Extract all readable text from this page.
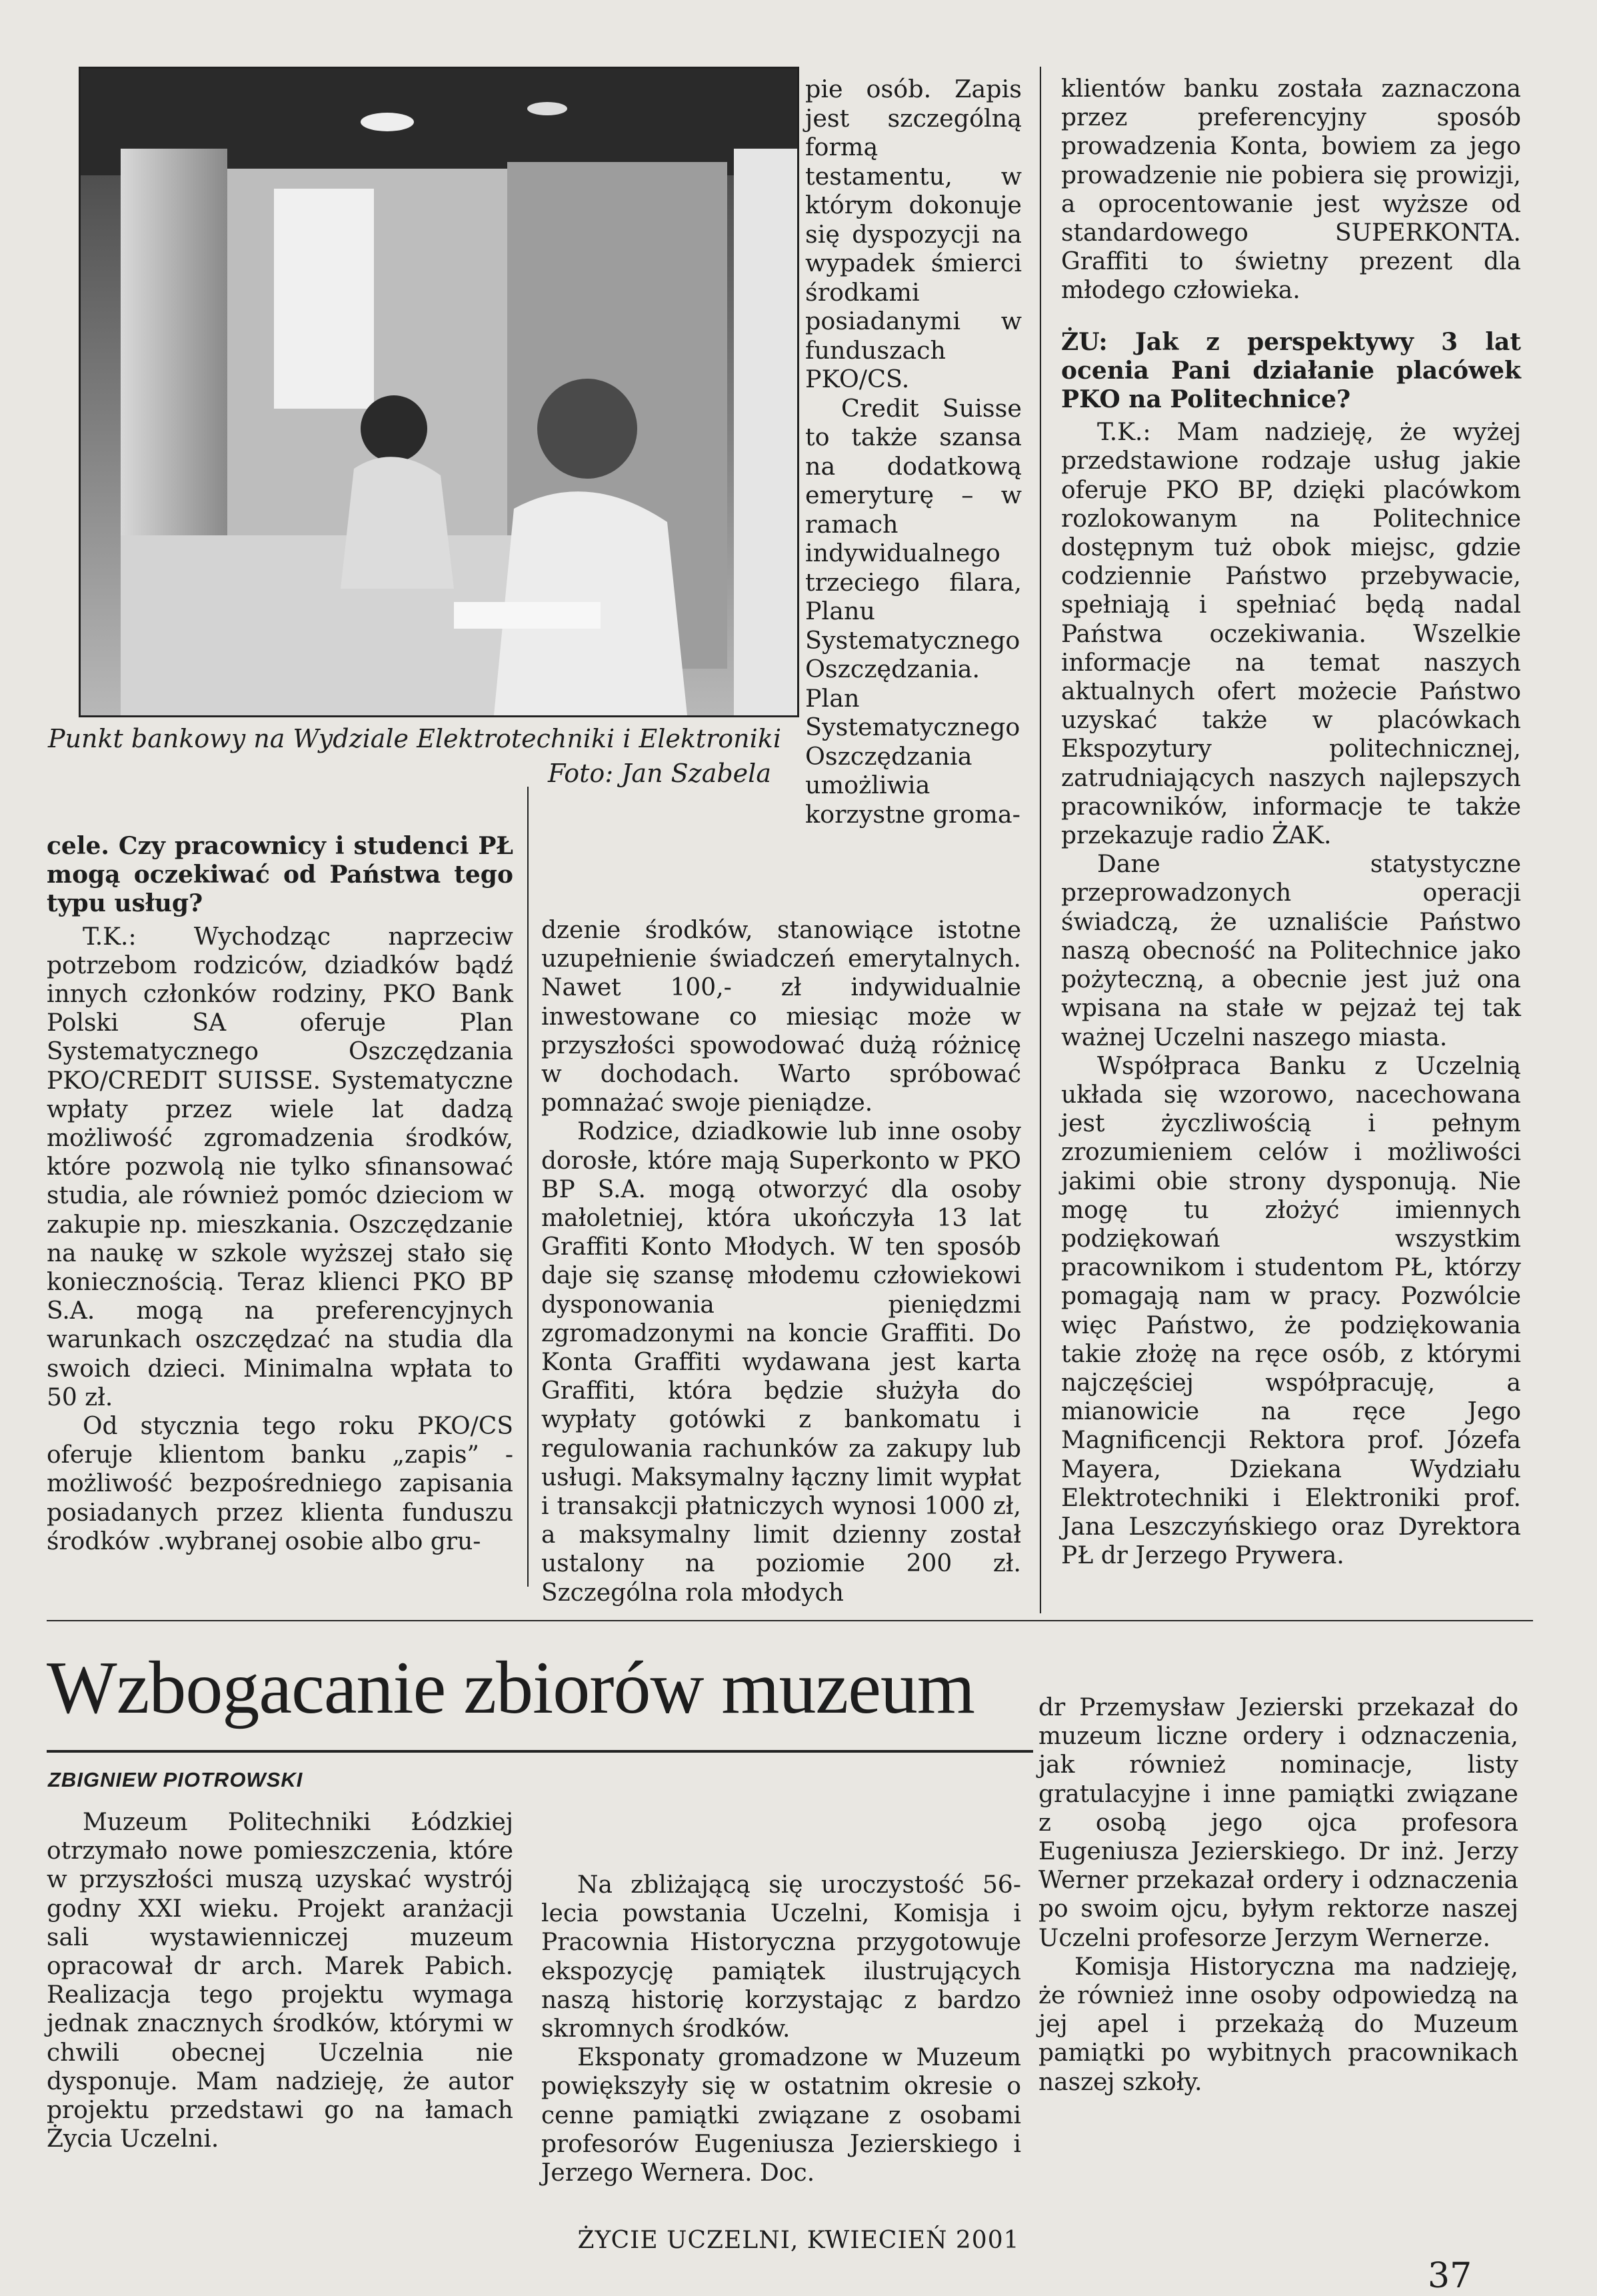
Punkt bankowy na Wydziale Elektrotechniki i Elektroniki
Foto: Jan Szabela

pie osób. Zapis jest szczególną formą testamentu, w którym dokonuje się dyspozycji na wypadek śmierci środkami posiadanymi w funduszach PKO/CS.

Credit Suisse to także szansa na dodatkową emeryturę – w ramach indywidualnego trzeciego filara, Planu Systematycznego Oszczędzania. Plan Systematycznego Oszczędzania umożliwia korzystne groma-

cele. Czy pracownicy i studenci PŁ mogą oczekiwać od Państwa tego typu usług?

T.K.: Wychodząc naprzeciw potrzebom rodziców, dziadków bądź innych członków rodziny, PKO Bank Polski SA oferuje Plan Systematycznego Oszczędzania PKO/CREDIT SUISSE. Systematyczne wpłaty przez wiele lat dadzą możliwość zgromadzenia środków, które pozwolą nie tylko sfinansować studia, ale również pomóc dzieciom w zakupie np. mieszkania. Oszczędzanie na naukę w szkole wyższej stało się koniecznością. Teraz klienci PKO BP S.A. mogą na preferencyjnych warunkach oszczędzać na studia dla swoich dzieci. Minimalna wpłata to 50 zł.

Od stycznia tego roku PKO/CS oferuje klientom banku „zapis” - możliwość bezpośredniego zapisania posiadanych przez klienta funduszu środków .wybranej osobie albo gru-

dzenie środków, stanowiące istotne uzupełnienie świadczeń emerytalnych. Nawet 100,- zł indywidualnie inwestowane co miesiąc może w przyszłości spowodować dużą różnicę w dochodach. Warto spróbować pomnażać swoje pieniądze.

Rodzice, dziadkowie lub inne osoby dorosłe, które mają Superkonto w PKO BP S.A. mogą otworzyć dla osoby małoletniej, która ukończyła 13 lat Graffiti Konto Młodych. W ten sposób daje się szansę młodemu człowiekowi dysponowania pieniędzmi zgromadzonymi na koncie Graffiti. Do Konta Graffiti wydawana jest karta Graffiti, która będzie służyła do wypłaty gotówki z bankomatu i regulowania rachunków za zakupy lub usługi. Maksymalny łączny limit wypłat i transakcji płatniczych wynosi 1000 zł, a maksymalny limit dzienny został ustalony na poziomie 200 zł. Szczególna rola młodych

klientów banku została zaznaczona przez preferencyjny sposób prowadzenia Konta, bowiem za jego prowadzenie nie pobiera się prowizji, a oprocentowanie jest wyższe od standardowego SUPERKONTA. Graffiti to świetny prezent dla młodego człowieka.

ŻU: Jak z perspektywy 3 lat ocenia Pani działanie placówek PKO na Politechnice?

T.K.: Mam nadzieję, że wyżej przedstawione rodzaje usług jakie oferuje PKO BP, dzięki placówkom rozlokowanym na Politechnice dostępnym tuż obok miejsc, gdzie codziennie Państwo przebywacie, spełniają i spełniać będą nadal Państwa oczekiwania. Wszelkie informacje na temat naszych aktualnych ofert możecie Państwo uzyskać także w placówkach Ekspozytury politechnicznej, zatrudniających naszych najlepszych pracowników, informacje te także przekazuje radio ŻAK.

Dane statystyczne przeprowadzonych operacji świadczą, że uznaliście Państwo naszą obecność na Politechnice jako pożyteczną, a obecnie jest już ona wpisana na stałe w pejzaż tej tak ważnej Uczelni naszego miasta.

Współpraca Banku z Uczelnią układa się wzorowo, nacechowana jest życzliwością i pełnym zrozumieniem celów i możliwości jakimi obie strony dysponują. Nie mogę tu złożyć imiennych podziękowań wszystkim pracownikom i studentom PŁ, którzy pomagają nam w pracy. Pozwólcie więc Państwo, że podziękowania takie złożę na ręce osób, z którymi najczęściej współpracuję, a mianowicie na ręce Jego Magnificencji Rektora prof. Józefa Mayera, Dziekana Wydziału Elektrotechniki i Elektroniki prof. Jana Leszczyńskiego oraz Dyrektora PŁ dr Jerzego Prywera.

Wzbogacanie zbiorów muzeum
ZBIGNIEW PIOTROWSKI

Muzeum Politechniki Łódzkiej otrzymało nowe pomieszczenia, które w przyszłości muszą uzyskać wystrój godny XXI wieku. Projekt aranżacji sali wystawienniczej muzeum opracował dr arch. Marek Pabich. Realizacja tego projektu wymaga jednak znacznych środków, którymi w chwili obecnej Uczelnia nie dysponuje. Mam nadzieję, że autor projektu przedstawi go na łamach Życia Uczelni.

Na zbliżającą się uroczystość 56-lecia powstania Uczelni, Komisja i Pracownia Historyczna przygotowuje ekspozycję pamiątek ilustrujących naszą historię korzystając z bardzo skromnych środków.

Eksponaty gromadzone w Muzeum powiększyły się w ostatnim okresie o cenne pamiątki związane z osobami profesorów Eugeniusza Jezierskiego i Jerzego Wernera. Doc.

dr Przemysław Jezierski przekazał do muzeum liczne ordery i odznaczenia, jak również nominacje, listy gratulacyjne i inne pamiątki związane z osobą jego ojca profesora Eugeniusza Jezierskiego. Dr inż. Jerzy Werner przekazał ordery i odznaczenia po swoim ojcu, byłym rektorze naszej Uczelni profesorze Jerzym Wernerze.

Komisja Historyczna ma nadzieję, że również inne osoby odpowiedzą na jej apel i przekażą do Muzeum pamiątki po wybitnych pracownikach naszej szkoły.

ŻYCIE UCZELNI, KWIECIEŃ 2001
37
